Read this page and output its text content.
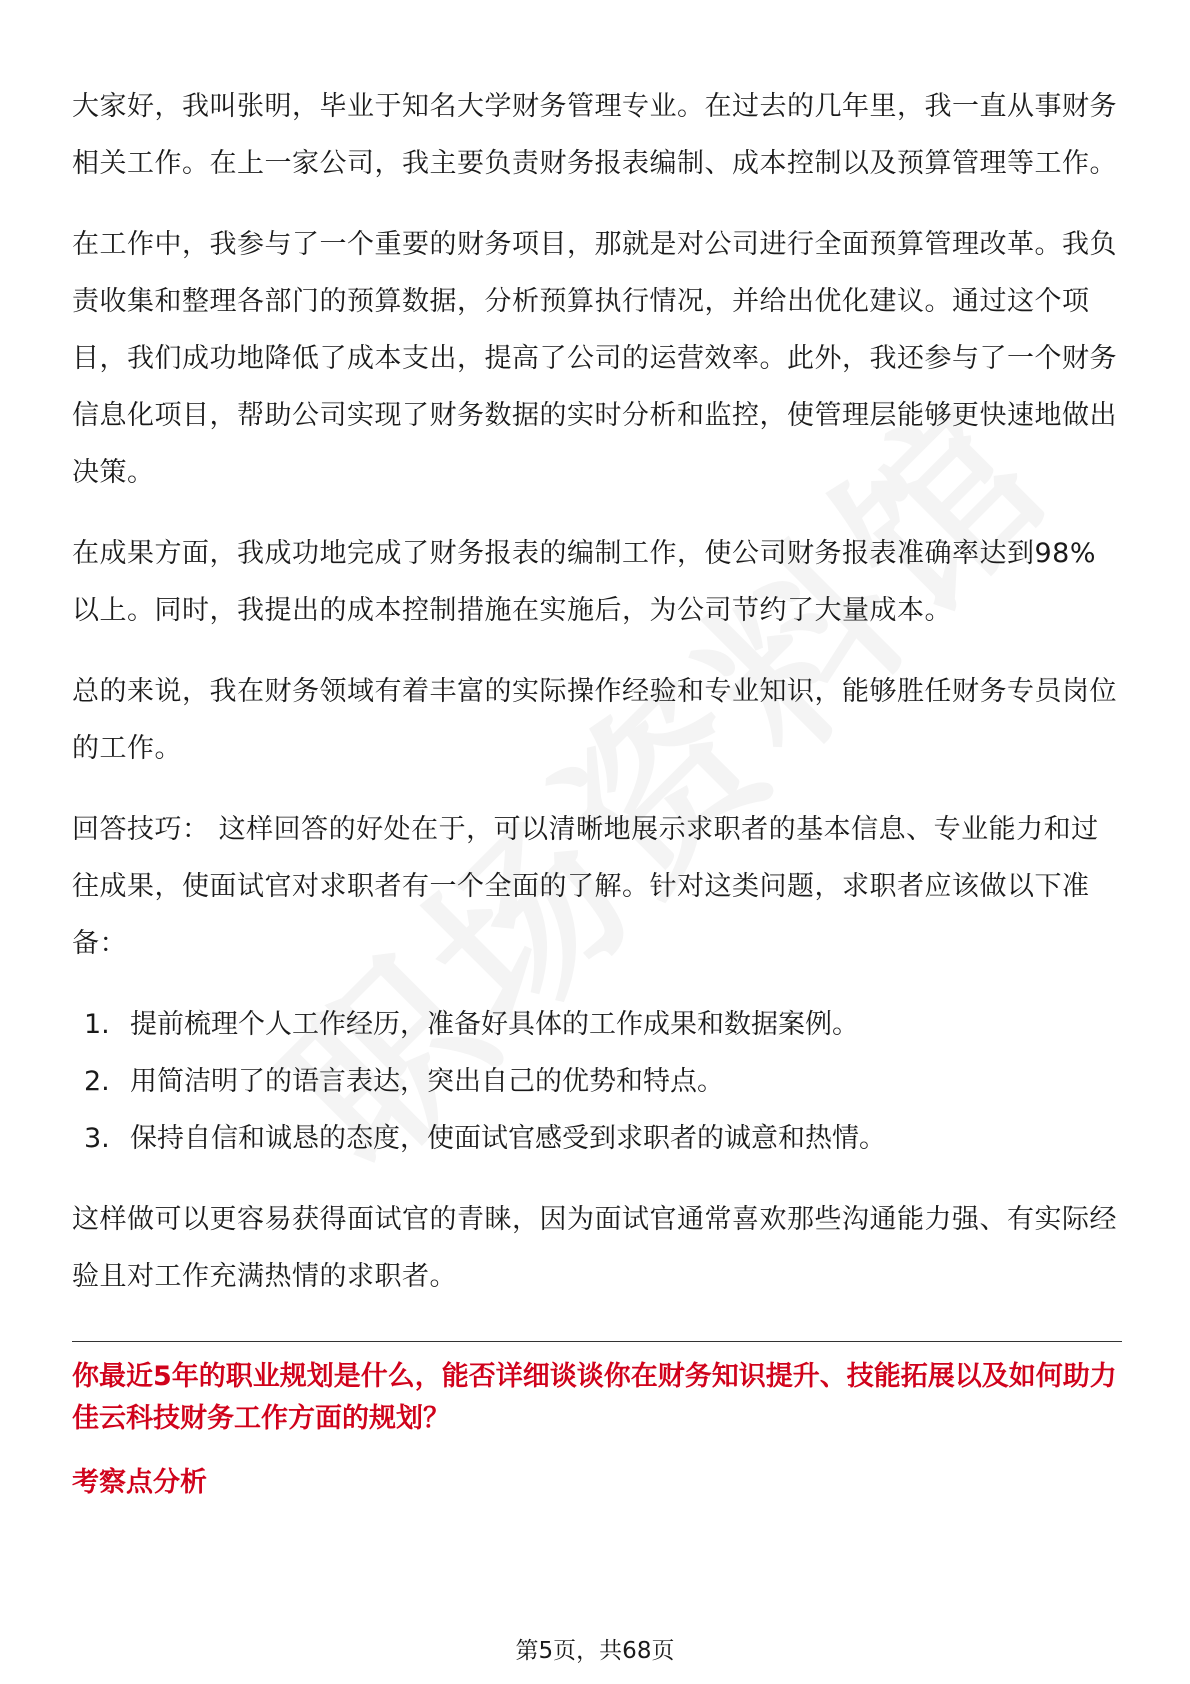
大家好，我叫张明，毕业于知名大学财务管理专业。在过去的几年里，我一直从事财务相关工作。在上一家公司，我主要负责财务报表编制、成本控制以及预算管理等工作。

在工作中，我参与了一个重要的财务项目，那就是对公司进行全面预算管理改革。我负责收集和整理各部门的预算数据，分析预算执行情况，并给出优化建议。通过这个项目，我们成功地降低了成本支出，提高了公司的运营效率。此外，我还参与了一个财务信息化项目，帮助公司实现了财务数据的实时分析和监控，使管理层能够更快速地做出决策。

在成果方面，我成功地完成了财务报表的编制工作，使公司财务报表准确率达到98%以上。同时，我提出的成本控制措施在实施后，为公司节约了大量成本。

总的来说，我在财务领域有着丰富的实际操作经验和专业知识，能够胜任财务专员岗位的工作。

回答技巧： 这样回答的好处在于，可以清晰地展示求职者的基本信息、专业能力和过往成果，使面试官对求职者有一个全面的了解。针对这类问题，求职者应该做以下准备：

1. 提前梳理个人工作经历，准备好具体的工作成果和数据案例。
2. 用简洁明了的语言表达，突出自己的优势和特点。
3. 保持自信和诚恳的态度，使面试官感受到求职者的诚意和热情。

这样做可以更容易获得面试官的青睐，因为面试官通常喜欢那些沟通能力强、有实际经验且对工作充满热情的求职者。

你最近5年的职业规划是什么，能否详细谈谈你在财务知识提升、技能拓展以及如何助力佳云科技财务工作方面的规划？

考察点分析

第5页，共68页
